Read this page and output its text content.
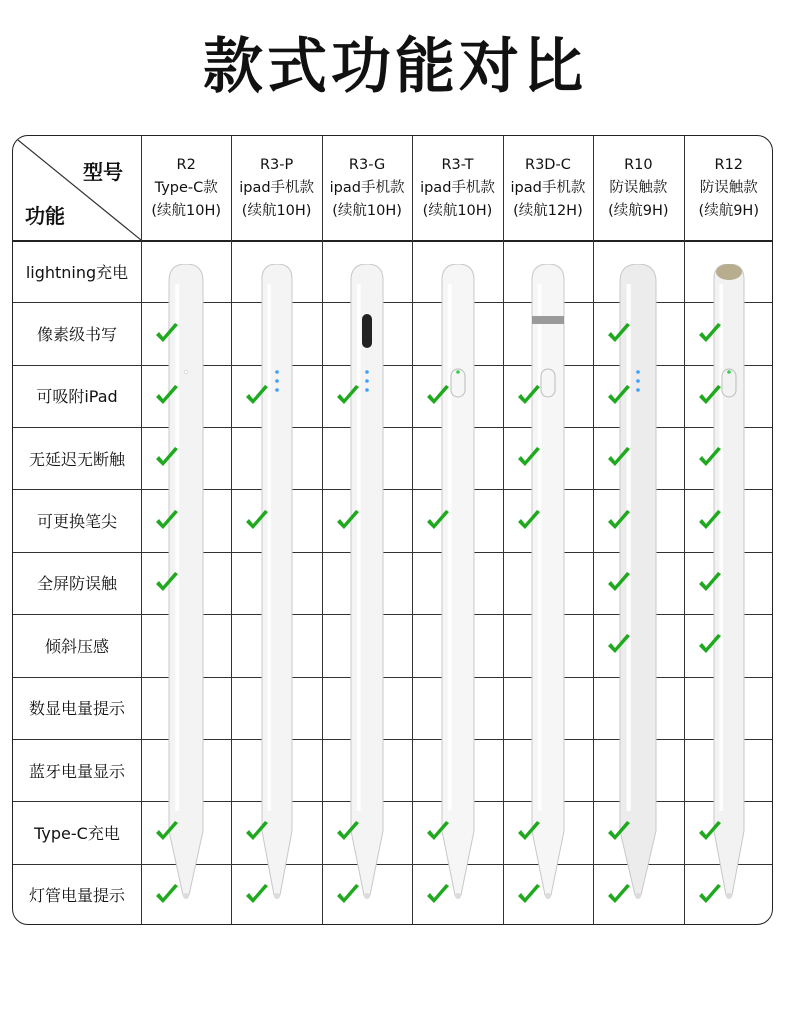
款式功能对比
型号
功能
R2
Type-C款
(续航10H)
R3-P
ipad手机款
(续航10H)
R3-G
ipad手机款
(续航10H)
R3-T
ipad手机款
(续航10H)
R3D-C
ipad手机款
(续航12H)
R10
防误触款
(续航9H)
R12
防误触款
(续航9H)
lightning充电
像素级书写
可吸附iPad
无延迟无断触
可更换笔尖
全屏防误触
倾斜压感
数显电量提示
蓝牙电量显示
Type-C充电
灯管电量提示
